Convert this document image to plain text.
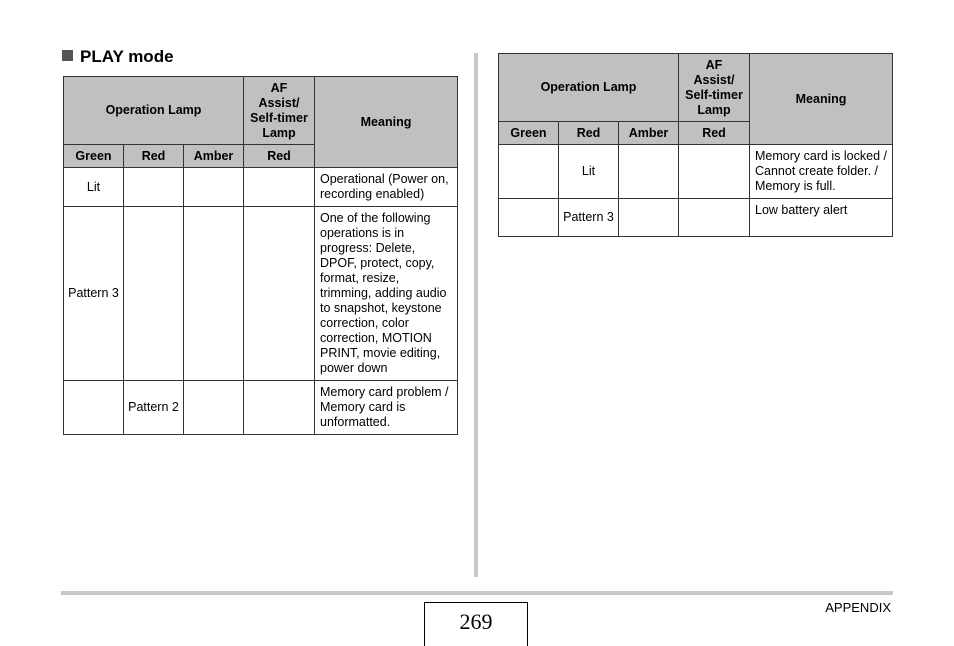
PLAY mode
Operation Lamp			AF
Assist/
Self-timer
Lamp	Meaning
Green	Red	Amber	Red	
Lit				Operational (Power on, recording enabled)
Pattern 3				One of the following operations is in progress: Delete, DPOF, protect, copy, format, resize, trimming, adding audio to snapshot, keystone correction, color correction, MOTION PRINT, movie editing, power down
	Pattern 2			Memory card problem / Memory card is unformatted.
Operation Lamp			AF
Assist/
Self-timer
Lamp	Meaning
Green	Red	Amber	Red	
	Lit			Memory card is locked / Cannot create folder. / Memory is full.
	Pattern 3			Low battery alert
269
APPENDIX
